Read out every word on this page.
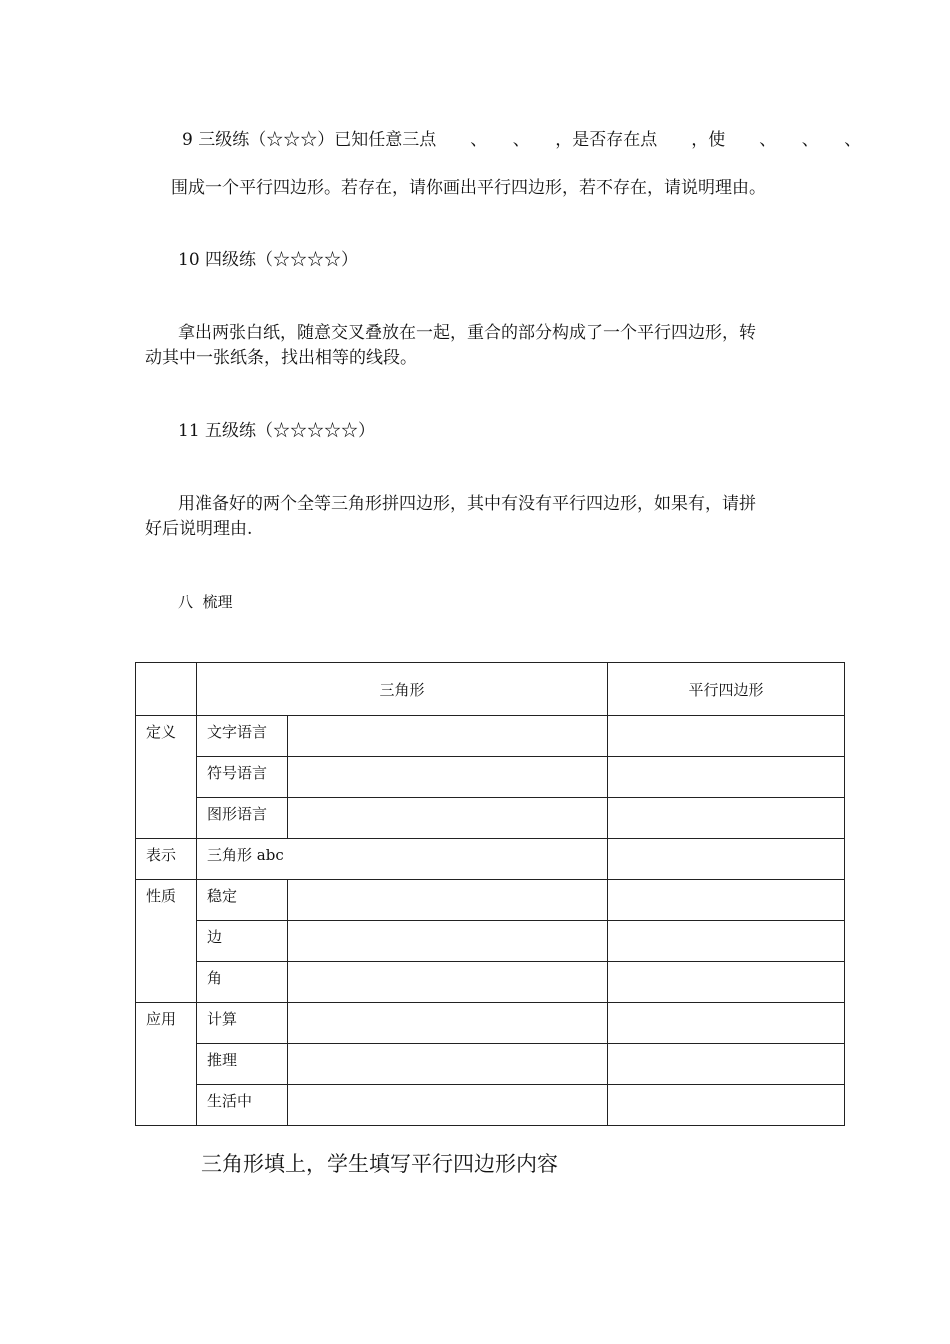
9 三级练（☆☆☆）已知任意三点　　、　　、　　，是否存在点　　，使　　、　　、　　、
围成一个平行四边形。若存在，请你画出平行四边形，若不存在，请说明理由。
10 四级练（☆☆☆☆）
拿出两张白纸，随意交叉叠放在一起，重合的部分构成了一个平行四边形，转
动其中一张纸条，找出相等的线段。
11 五级练（☆☆☆☆☆）
用准备好的两个全等三角形拼四边形，其中有没有平行四边形，如果有，请拼
好后说明理由.
八  梳理
	三角形		平行四边形

定义	文字语言		

	符号语言		

	图形语言		

表示	三角形 abc		

性质	稳定		

	边		

	角		

应用	计算		

	推理		

	生活中		

三角形填上，学生填写平行四边形内容
